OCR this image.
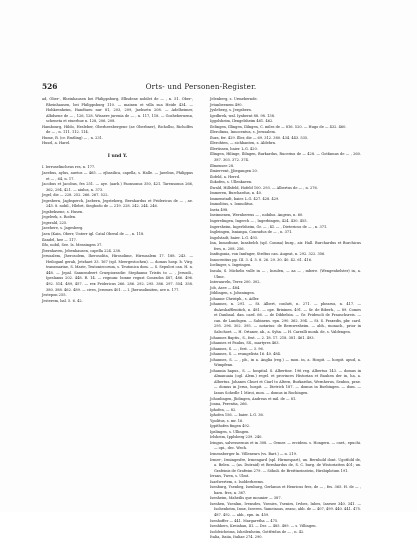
526	Orts- und Personen-Register.

ad, Ober-, Rheinhausen bei Philippsburg, Elbsdene nobilet de — , n. 51. Ober-, Rheinhausen, bei Philippsburg 110. — mainen et villa sua Heide 434. — Hohkrenheim, Handtaeu nur 81, 203, 209, Jaehsetn 208. — Adelheimer, Albdsene de — , 126, 128. Wisaere jurenia de — , n. 117, 118. — Gosheberuenn, scheneta et eiuerhue n. 128, 206. 208.

Hambourg, Hiblo, Hesleber, Oberheesbergene (ae Oberbner), Richolbo, Richolfes de — , n. 111. 112. 114.

Hume, R. (cr. Emtling) — , n. 231.

Husel, a. Harel.

I und Y.

I. Ierruselincheus res, n. 177.

Jaeebus, aylus, auetos — 465. — ejbasilica, capella, s. Halle. — Jaeebus, Philippus et — , 64, n. 17.

Jacobus et Jacobus, fes 251. — aye. (aarb.) Faonsonus 350, 421. Tarensonus 266, 362, 294, 421. — aiulus, n. 373.

Jegel, die — 228. 252. 266. 267. 522.

Jegesbern, Jagbsperch, Jaebern, Jegsteherg, Bernhardus et Fridericus de — , ae. 245. 8. nobil., Hlebrt, Siegbodo de — 219. 228. 242. 244. 246.

Jegsbeksene, s. Husen.

Jegeleek, s. Roden.

Jegerald, 225.

Jaeehere, s. Jagesberg.

Jaen (Kain, Oberr, Unterr igl. Catal Oberal de — , n. 118.

Ilandel, hee — 117.

Ilfo, nobil, See. Is. Mensingen 37.

Jbernhaven, Jebenhausen, capella 224. 238.

Jerusalem, Jherosolem, Iherosolita, Hirosolime, Hirsusalem 17. 188. 243. — Heiloganl gerab, Jetzhaet 33. 167 (spl. Meergestochen). — domus hosp. b. Virg. transmarine, S. Marie, Teutoniecorum, s. Teutonica dom. — S. Sepulcri can. H. n. 448. — Jepal. Sannendeert Cruepiorasdie: Stephanus Tristis to — , Jerusdi., Ipeslanus 202. 448. R. 14. — regnum: bonne regust Conrados 487, 486. 496. 492. 514. 489, 457. — rex Fridericus 266. 286. 292. 295. 386. 297. 554. 358. 380. 388. 462. 489. — cives, Jeromes 401. — I. Jherusolimiten, ave n. 177.

Jestepon 255.

Jesterem, bal. 5. 6. 42.

Jelenberg, s. Urmebernde.

Jetanbeenem 490.

Jysleberg, s. Jergsbern.

Igedbrek, wal. Iynbernt 88. 98. 138.

Iggolsheim, Ilengelsheim 461. 462.

Ilelingen, Illingen, Ililngen, C. miles de — 816. 520. — Hugo de — 432. 460.

Illerolinus, Innocentus, s. Jerusalem.

Ilura, fer. 429. Iller, die — 69. 312. 380. 434. 443. 535.

Illerohten, — sichbanten, s. Aldebrn.

Illertissen, baier. L.G. 420.

Illingen, Hilinge, Ililngen, Burkardus, Rucerius de — 428. — Gotfamus de — , 260. 387. 303. 372. 374.

Illmensee 28.

Ilmiervent, Jjbegangen 20.

Ilofeld, a. Herrd.

Ilokofen, s. Ullenkaven.

Ilwald, Hillsfeld, Hofeld 100. 293. — Albertus de — , n. 276.

Immeren, Burchardus, n. 40.

Immenstadt, baier. L.G. 427. 428. 429.

Immolitus, s. Ionnolitus.

Ineta 498.

Ineinnenen, Wernhereus — , nobilus. Angeus, n. 60.

Ingerelingen, Ingerch — , Ingerbingen, 424. 430. 455.

Ingersheim, Ingerlsheim, Gr. — , Kl. — , Dietericus de — , n. 371.

Ingleingen, Isnianpa, Conradus de — , n. 371.

Ingolstadt, baier. L.G. 493.

Inn, Inmodiune, Innsbelch (spl. Conma) burg., air. Hall. Burchardus et Burchicus fres, n. 208. 256.

Innfngonia, von Innfnger, Strdtus can. Augeat, n. 292. 322. 356.

Innocentius pp. III. 3. 4. 5. 8. 26. 29. 30. 40. 42. 61. 416.

Ioelinger, s. Ingeingen.

Insula, S. Michelis vulle in — , Insulen, — aa — , mbere. (Wengenhelster) in, a. Ulme.

Interaureln, Terez 200. 302.

Job, Asee — 484.

Jithlingen, s. Jobsningen.

Johanne Christph., s. Adler.

Johannes, n. 291. — St. Albert, conlutt, n. 271. — phearus, n. 417. — duAeshafflenitich, n. 481. — ope. Brixinen. 491. — Sr. de Biberh., — 89. Comes et Danbaul. dan. card. 66. — de Dibbelsin. — Gr. Frideucli de Frauschsreis. — can. de Landsgen. — Sabinens. epn. 290. 362. 394. — St. S. Praxedis, pbr. card. 295. 296. 302. 395. — notarius: de Bernwesheim. — abh., monach., prior in Salschoet. — H. Ortaner, ab., a. Syhn. — H. Carralli monk. de, s. Valdengen.

Johannes Baptis., S., fest. — 2. 18. 17. 218. 381. 461. 493.

Johannes et Paulus, SS., martyres 463.

Johannes, S. — , fest. — 3. 96.

Johannes, S. — evangelista 16. 40. 484.

Johannes, S. — , pb., in a. Anglia (reg.) — mon. in, a. Hospit. — hospit. apud, a. Wimpfenn.

Johannia hapus., S. — hospital. S. Albertine. 196 reg. Albertus 143. — domus in Almanuaia (ogl. Alem.) regel. et provinces Historian et Bauhen der in, ha, a. Albertus. Johanes Chuet et Ciarl to Altern, Burkardus, Wernherus, Senbos, prae. — domus in Jerus, hospit. — Dietrich 187. — domus in Boebingen. — dom. — Ianus Sohedle 1 Miroi, mon. — domus in Rochingen.

Johonlingen, Jlidingen, Andreas et mil. de — 81.

Jonna, Ferentia, 266.

Iphofen, — 82.

Iphofen 156. — baier. L.G. 36.

Ypolitus, s. mr. 16.

Ippithofen fingen 492.

Ipslingen, s. Ullingen.

Irlsheim, Ipplsberg 239. 240.

Iringus, salvesseenus et in 308. — Ormer. — ercidem. s. Hongern. — cnet., epuchi. — opi., dec. Wech.

Irmensberger ln. Villeneurs (vs. Bart.) — n. 219.

Irmer-, Irmingesfre, Irmengard (spl. Hirmespart), ux. Bernhold dont. Ugotfold de, a. Belen. — (as. Dutraid) et Bernhardus de, S. C. burg. de Wistoriatten 401; ux. Grafeinis de Grafwim 279. — Söhnli. de Breittneinstein, Hirsbiplotum 191.

Irrans, Twen, s. Ulmt.

Isaelwertem, s. Isolderheems.

Isenburg, Ysenbrg, Isenburg, Gerlanus et Henricus fres, de — , fes. 365. H. de — , barn. fres, n. 367.

Isenheim, Maheilis que mounier — 387.

Isenhen, Ysenlnn, Ivensdes, Ysenies, Ysenies, Irvbes, Inbes, Iasrsee 340. 341. — Isohenheim, Isme, Iseeren. Yameinoas, zeanc, abb. de — 407, 499. 440. 441. 475. 487. 492. — abb., epn. in. 459.

Isenhoffer — 441. Margaretha — 475.

Isenhhers, Kreiahan, III. — Dsr. — 485. 489. — s. Villingen.

Isoldeicheims, Isheilenheim, Gottfridus de — , n. 42.

Italia, Itaiia, Italiae 274. 290.
